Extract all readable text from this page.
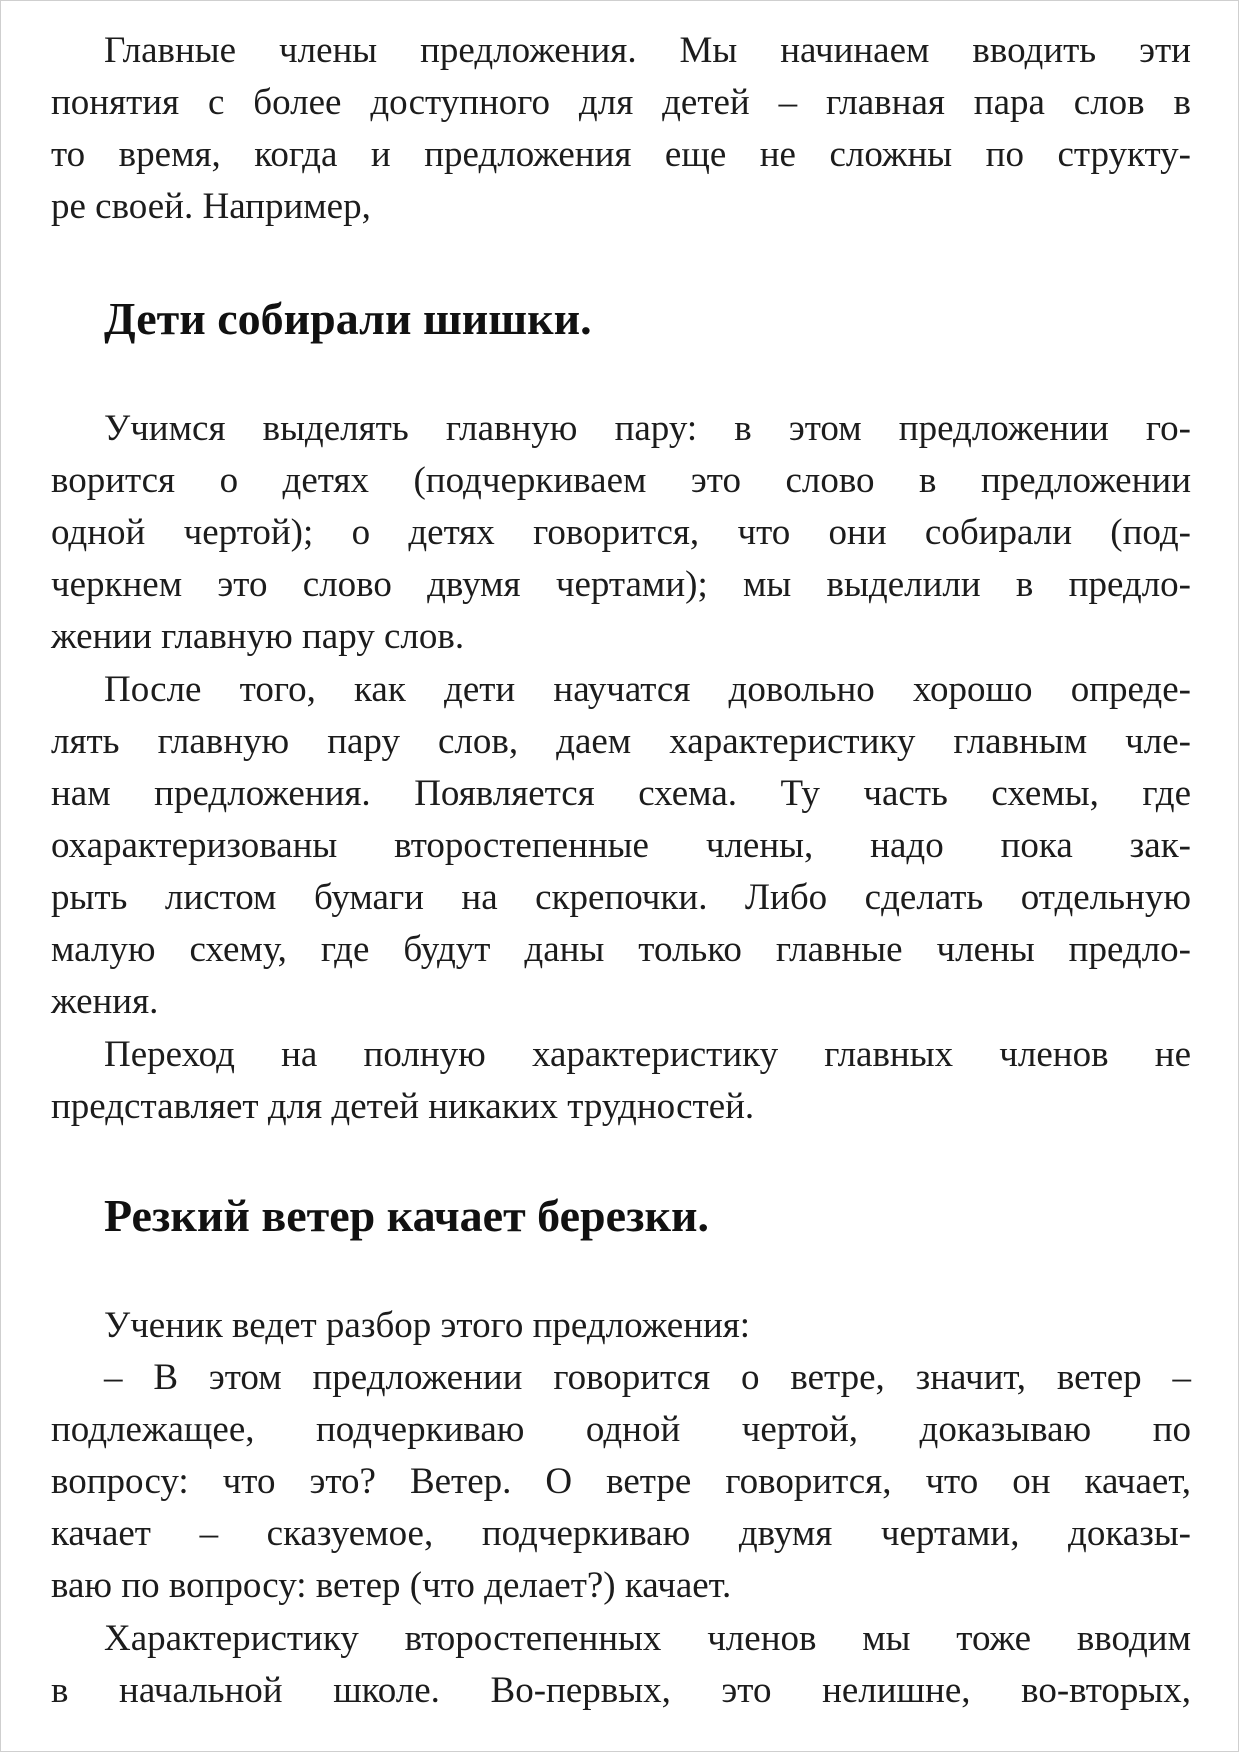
Главные члены предложения. Мы начинаем вводить эти

понятия с более доступного для детей – главная пара слов в

то время, когда и предложения еще не сложны по структу-

ре своей. Например,

Дети собирали шишки.

Учимся выделять главную пару: в этом предложении го-

ворится о детях (подчеркиваем это слово в предложении

одной чертой); о детях говорится, что они собирали (под-

черкнем это слово двумя чертами); мы выделили в предло-

жении главную пару слов.

После того, как дети научатся довольно хорошо опреде-

лять главную пару слов, даем характеристику главным чле-

нам предложения. Появляется схема. Ту часть схемы, где

охарактеризованы второстепенные члены, надо пока зак-

рыть листом бумаги на скрепочки. Либо сделать отдельную

малую схему, где будут даны только главные члены предло-

жения.

Переход на полную характеристику главных членов не

представляет для детей никаких трудностей.

Резкий ветер качает березки.

Ученик ведет разбор этого предложения:

– В этом предложении говорится о ветре, значит, ветер –

подлежащее, подчеркиваю одной чертой, доказываю по

вопросу: что это? Ветер. О ветре говорится, что он качает,

качает – сказуемое, подчеркиваю двумя чертами, доказы-

ваю по вопросу: ветер (что делает?) качает.

Характеристику второстепенных членов мы тоже вводим

в начальной школе. Во-первых, это нелишне, во-вторых,
